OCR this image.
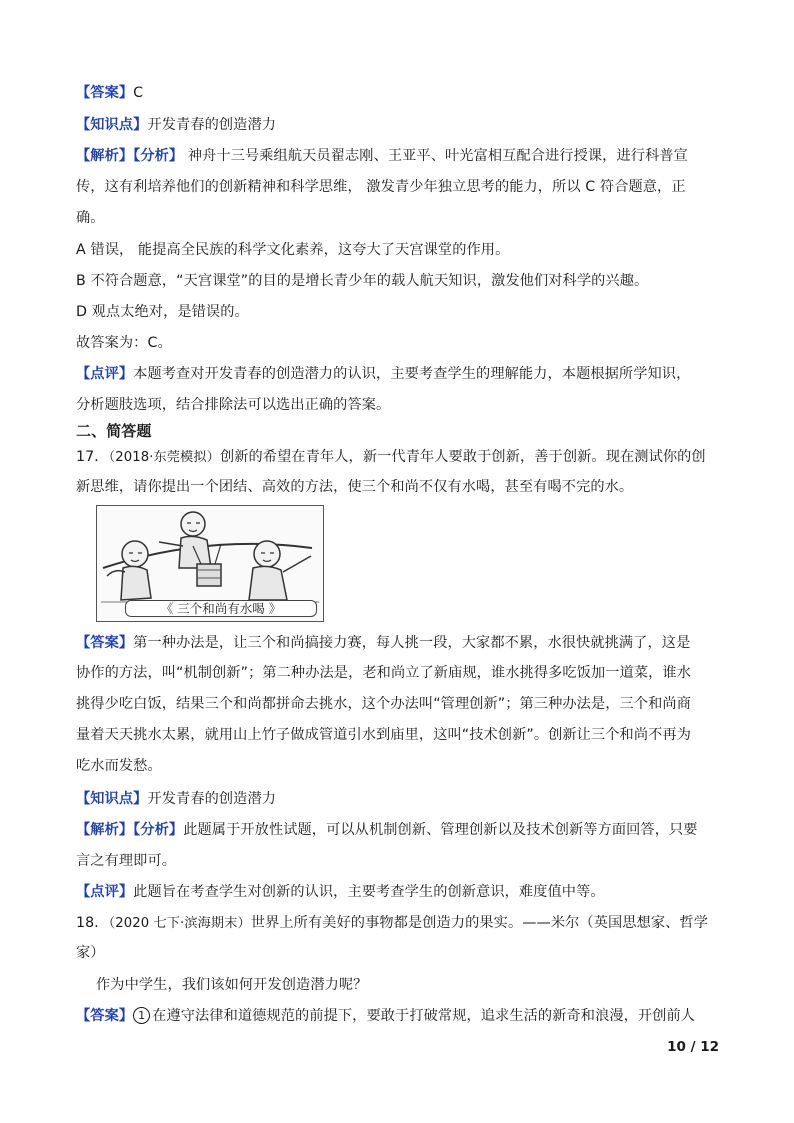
【答案】C
【知识点】开发青春的创造潜力
【解析】【分析】 神舟十三号乘组航天员翟志刚、王亚平、叶光富相互配合进行授课，进行科普宣
传，这有利培养他们的创新精神和科学思维， 激发青少年独立思考的能力，所以 C 符合题意，正
确。
A 错误， 能提高全民族的科学文化素养，这夸大了天宫课堂的作用。
B 不符合题意，“天宫课堂”的目的是增长青少年的载人航天知识，激发他们对科学的兴趣。
D 观点太绝对，是错误的。
故答案为：C。
【点评】本题考查对开发青春的创造潜力的认识，主要考查学生的理解能力，本题根据所学知识，
分析题肢选项，结合排除法可以选出正确的答案。
二、简答题
17．（2018·东莞模拟）创新的希望在青年人，新一代青年人要敢于创新，善于创新。现在测试你的创
新思维，请你提出一个团结、高效的方法，使三个和尚不仅有水喝，甚至有喝不完的水。
《 三个和尚有水喝 》
【答案】第一种办法是，让三个和尚搞接力赛，每人挑一段，大家都不累，水很快就挑满了，这是
协作的方法，叫“机制创新”；第二种办法是，老和尚立了新庙规，谁水挑得多吃饭加一道菜，谁水
挑得少吃白饭，结果三个和尚都拼命去挑水，这个办法叫“管理创新”；第三种办法是，三个和尚商
量着天天挑水太累，就用山上竹子做成管道引水到庙里，这叫“技术创新”。创新让三个和尚不再为
吃水而发愁。
【知识点】开发青春的创造潜力
【解析】【分析】此题属于开放性试题，可以从机制创新、管理创新以及技术创新等方面回答，只要
言之有理即可。
【点评】此题旨在考查学生对创新的认识，主要考查学生的创新意识，难度值中等。
18．（2020 七下·滨海期末）世界上所有美好的事物都是创造力的果实。——米尔（英国思想家、哲学
家）
作为中学生，我们该如何开发创造潜力呢？
【答案】 1 在遵守法律和道德规范的前提下，要敢于打破常规，追求生活的新奇和浪漫，开创前人
10 / 12
